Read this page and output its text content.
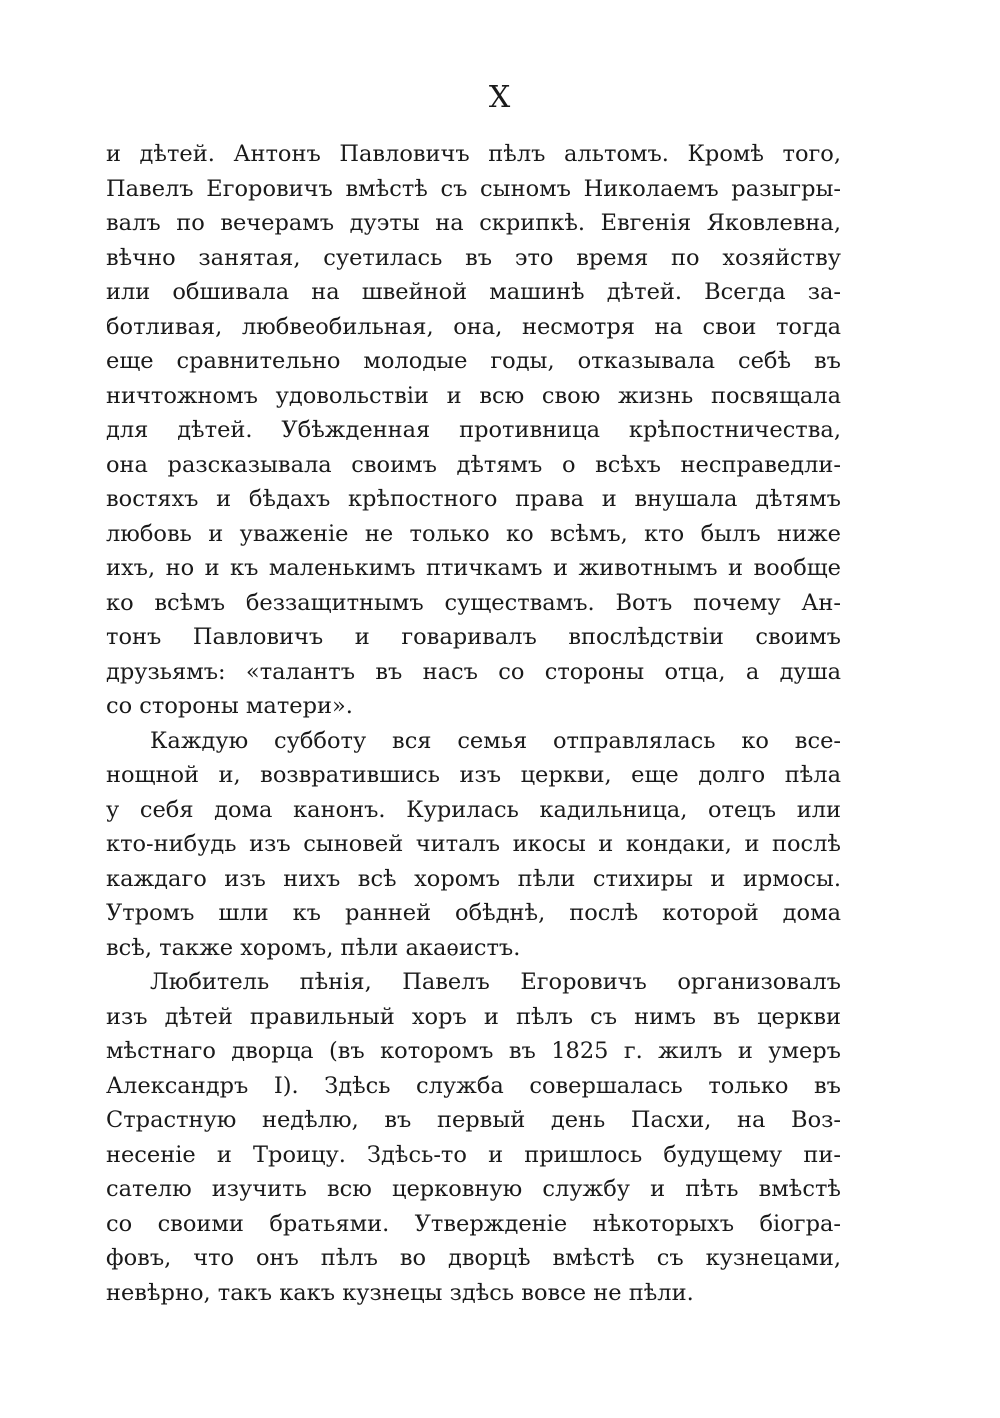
X
и дѣтей. Антонъ Павловичъ пѣлъ альтомъ. Кромѣ того,
Павелъ Егоровичъ вмѣстѣ съ сыномъ Николаемъ разыгры-
валъ по вечерамъ дуэты на скрипкѣ. Евгенія Яковлевна,
вѣчно занятая, суетилась въ это время по хозяйству
или обшивала на швейной машинѣ дѣтей. Всегда за-
ботливая, любвеобильная, она, несмотря на свои тогда
еще сравнительно молодые годы, отказывала себѣ въ
ничтожномъ удовольствіи и всю свою жизнь посвящала
для дѣтей. Убѣжденная противница крѣпостничества,
она разсказывала своимъ дѣтямъ о всѣхъ несправедли-
востяхъ и бѣдахъ крѣпостного права и внушала дѣтямъ
любовь и уваженіе не только ко всѣмъ, кто былъ ниже
ихъ, но и къ маленькимъ птичкамъ и животнымъ и вообще
ко всѣмъ беззащитнымъ существамъ. Вотъ почему Ан-
тонъ Павловичъ и говаривалъ впослѣдствіи своимъ
друзьямъ: «талантъ въ насъ со стороны отца, а душа
со стороны матери».
Каждую субботу вся семья отправлялась ко все-
нощной и, возвратившись изъ церкви, еще долго пѣла
у себя дома канонъ. Курилась кадильница, отецъ или
кто-нибудь изъ сыновей читалъ икосы и кондаки, и послѣ
каждаго изъ нихъ всѣ хоромъ пѣли стихиры и ирмосы.
Утромъ шли къ ранней обѣднѣ, послѣ которой дома
всѣ, также хоромъ, пѣли акаѳистъ.
Любитель пѣнія, Павелъ Егоровичъ организовалъ
изъ дѣтей правильный хоръ и пѣлъ съ нимъ въ церкви
мѣстнаго дворца (въ которомъ въ 1825 г. жилъ и умеръ
Александръ I). Здѣсь служба совершалась только въ
Страстную недѣлю, въ первый день Пасхи, на Воз-
несеніе и Троицу. Здѣсь-то и пришлось будущему пи-
сателю изучить всю церковную службу и пѣть вмѣстѣ
со своими братьями. Утвержденіе нѣкоторыхъ біогра-
фовъ, что онъ пѣлъ во дворцѣ вмѣстѣ съ кузнецами,
невѣрно, такъ какъ кузнецы здѣсь вовсе не пѣли.
